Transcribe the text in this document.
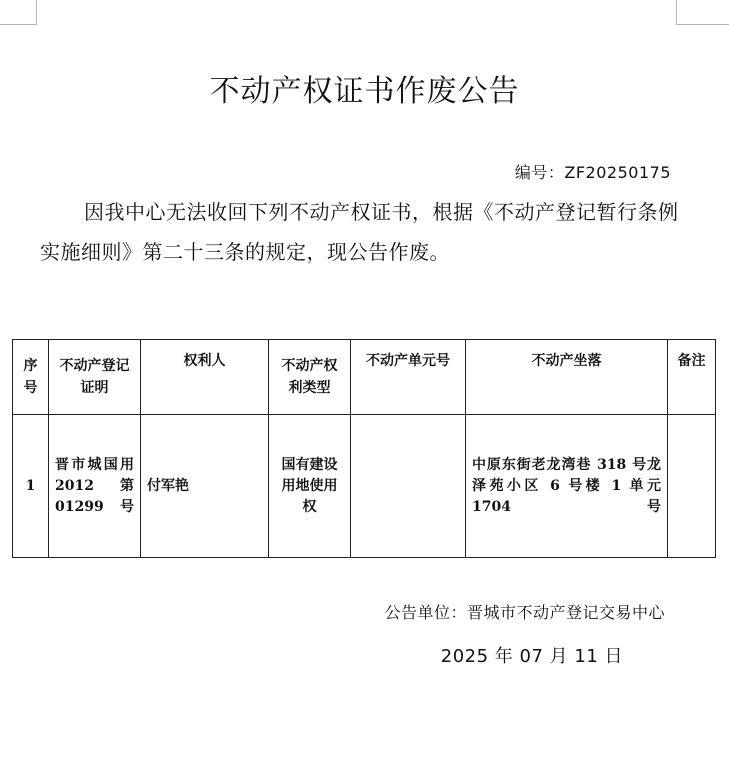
不动产权证书作废公告
编号：ZF20250175
因我中心无法收回下列不动产权证书，根据《不动产登记暂行条例实施细则》第二十三条的规定，现公告作废。
序号	不动产登记证明	权利人	不动产权利类型	不动产单元号	不动产坐落	备注
1	晋市城国用 2012 第 01299 号	付军艳	国有建设用地使用权		中原东街老龙湾巷 318 号龙泽苑小区 6 号楼 1 单元 1704 号	
公告单位：晋城市不动产登记交易中心
2025 年 07 月 11 日
